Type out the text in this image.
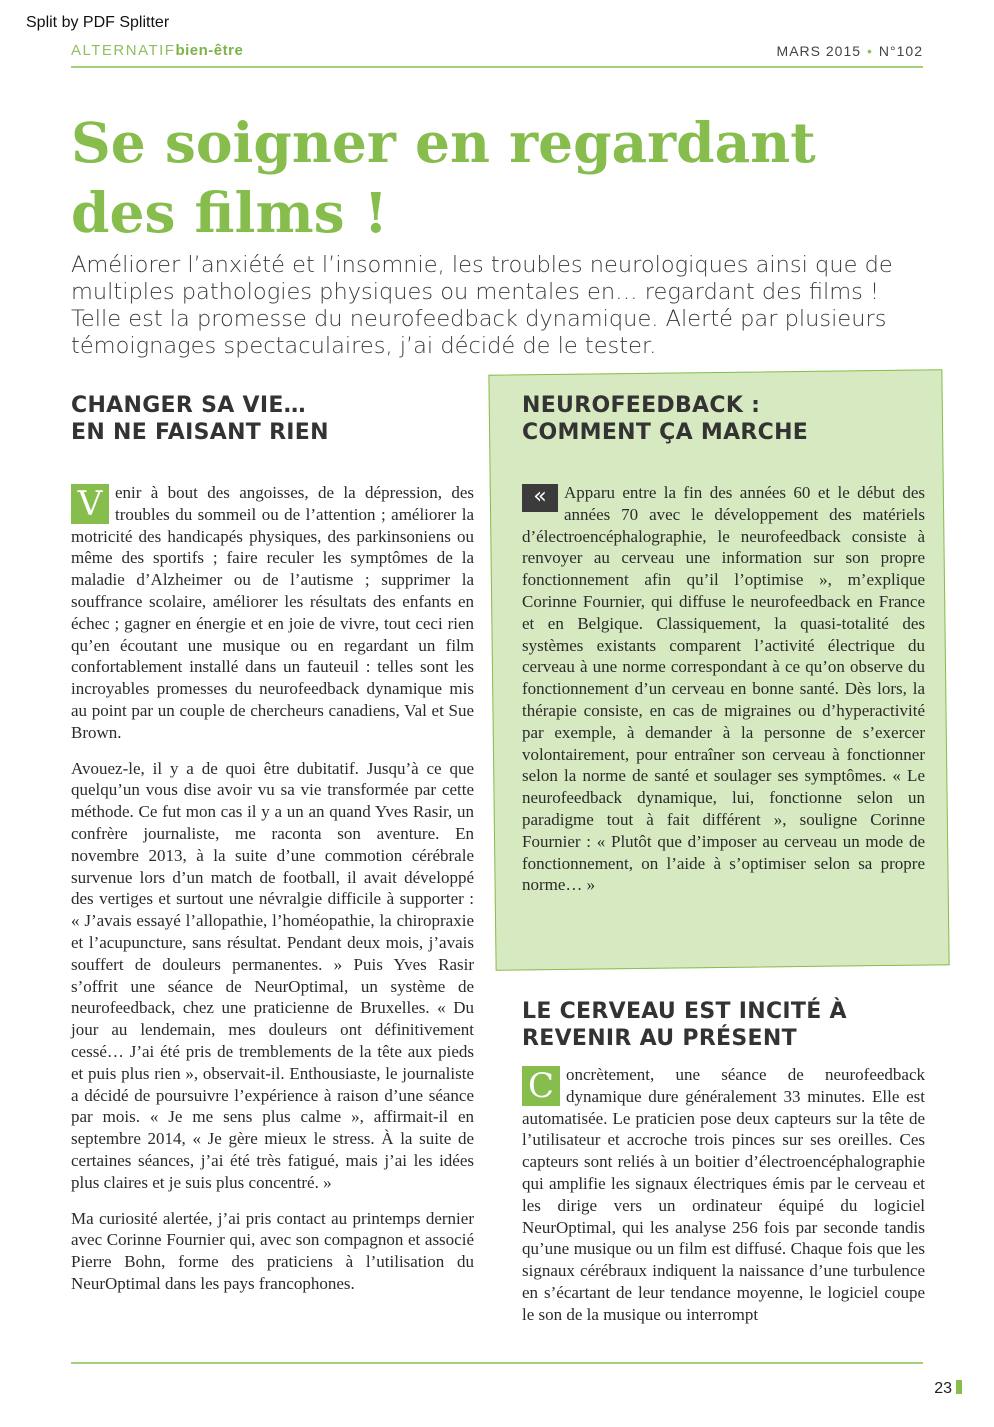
Split by PDF Splitter
ALTERNATIFbien-être	MARS 2015 • N°102
Se soigner en regardant des films !

Améliorer l’anxiété et l’insomnie, les troubles neurologiques ainsi que de multiples pathologies physiques ou mentales en… regardant des films ! Telle est la promesse du neurofeedback dynamique. Alerté par plusieurs témoignages spectaculaires, j’ai décidé de le tester.

CHANGER SA VIE…
EN NE FAISANT RIEN

V enir à bout des angoisses, de la dépression, des troubles du sommeil ou de l’attention ; améliorer la motricité des handicapés physiques, des parkinsoniens ou même des sportifs ; faire reculer les symptômes de la maladie d’Alzheimer ou de l’autisme ; supprimer la souffrance scolaire, améliorer les résultats des enfants en échec ; gagner en énergie et en joie de vivre, tout ceci rien qu’en écoutant une musique ou en regardant un film confortablement installé dans un fauteuil : telles sont les incroyables promesses du neurofeedback dynamique mis au point par un couple de chercheurs canadiens, Val et Sue Brown.

Avouez-le, il y a de quoi être dubitatif. Jusqu’à ce que quelqu’un vous dise avoir vu sa vie transformée par cette méthode. Ce fut mon cas il y a un an quand Yves Rasir, un confrère journaliste, me raconta son aventure. En novembre 2013, à la suite d’une commotion cérébrale survenue lors d’un match de football, il avait développé des vertiges et surtout une névralgie difficile à supporter : « J’avais essayé l’allopathie, l’homéopathie, la chiropraxie et l’acupuncture, sans résultat. Pendant deux mois, j’avais souffert de douleurs permanentes. » Puis Yves Rasir s’offrit une séance de NeurOptimal, un système de neurofeedback, chez une praticienne de Bruxelles. « Du jour au lendemain, mes douleurs ont définitivement cessé… J’ai été pris de tremblements de la tête aux pieds et puis plus rien », observait-il. Enthousiaste, le journaliste a décidé de poursuivre l’expérience à raison d’une séance par mois. « Je me sens plus calme », affirmait-il en septembre 2014, « Je gère mieux le stress. À la suite de certaines séances, j’ai été très fatigué, mais j’ai les idées plus claires et je suis plus concentré. »

Ma curiosité alertée, j’ai pris contact au printemps dernier avec Corinne Fournier qui, avec son compagnon et associé Pierre Bohn, forme des praticiens à l’utilisation du NeurOptimal dans les pays francophones.

NEUROFEEDBACK :
COMMENT ÇA MARCHE

«	Apparu entre la fin des années 60 et le début des années 70 avec le développement des matériels d’électroencéphalographie, le neurofeedback consiste à renvoyer au cerveau une information sur son propre fonctionnement afin qu’il l’optimise », m’explique Corinne Fournier, qui diffuse le neurofeedback en France et en Belgique. Classiquement, la quasi-totalité des systèmes existants comparent l’activité électrique du cerveau à une norme correspondant à ce qu’on observe du fonctionnement d’un cerveau en bonne santé. Dès lors, la thérapie consiste, en cas de migraines ou d’hyperactivité par exemple, à demander à la personne de s’exercer volontairement, pour entraîner son cerveau à fonctionner selon la norme de santé et soulager ses symptômes. « Le neurofeedback dynamique, lui, fonctionne selon un paradigme tout à fait différent », souligne Corinne Fournier : « Plutôt que d’imposer au cerveau un mode de fonctionnement, on l’aide à s’optimiser selon sa propre norme… »

LE CERVEAU EST INCITÉ À
REVENIR AU PRÉSENT

C oncrètement, une séance de neurofeedback dynamique dure généralement 33 minutes. Elle est automatisée. Le praticien pose deux capteurs sur la tête de l’utilisateur et accroche trois pinces sur ses oreilles. Ces capteurs sont reliés à un boitier d’électroencéphalographie qui amplifie les signaux électriques émis par le cerveau et les dirige vers un ordinateur équipé du logiciel NeurOptimal, qui les analyse 256 fois par seconde tandis qu’une musique ou un film est diffusé. Chaque fois que les signaux cérébraux indiquent la naissance d’une turbulence en s’écartant de leur tendance moyenne, le logiciel coupe le son de la musique ou interrompt

23
